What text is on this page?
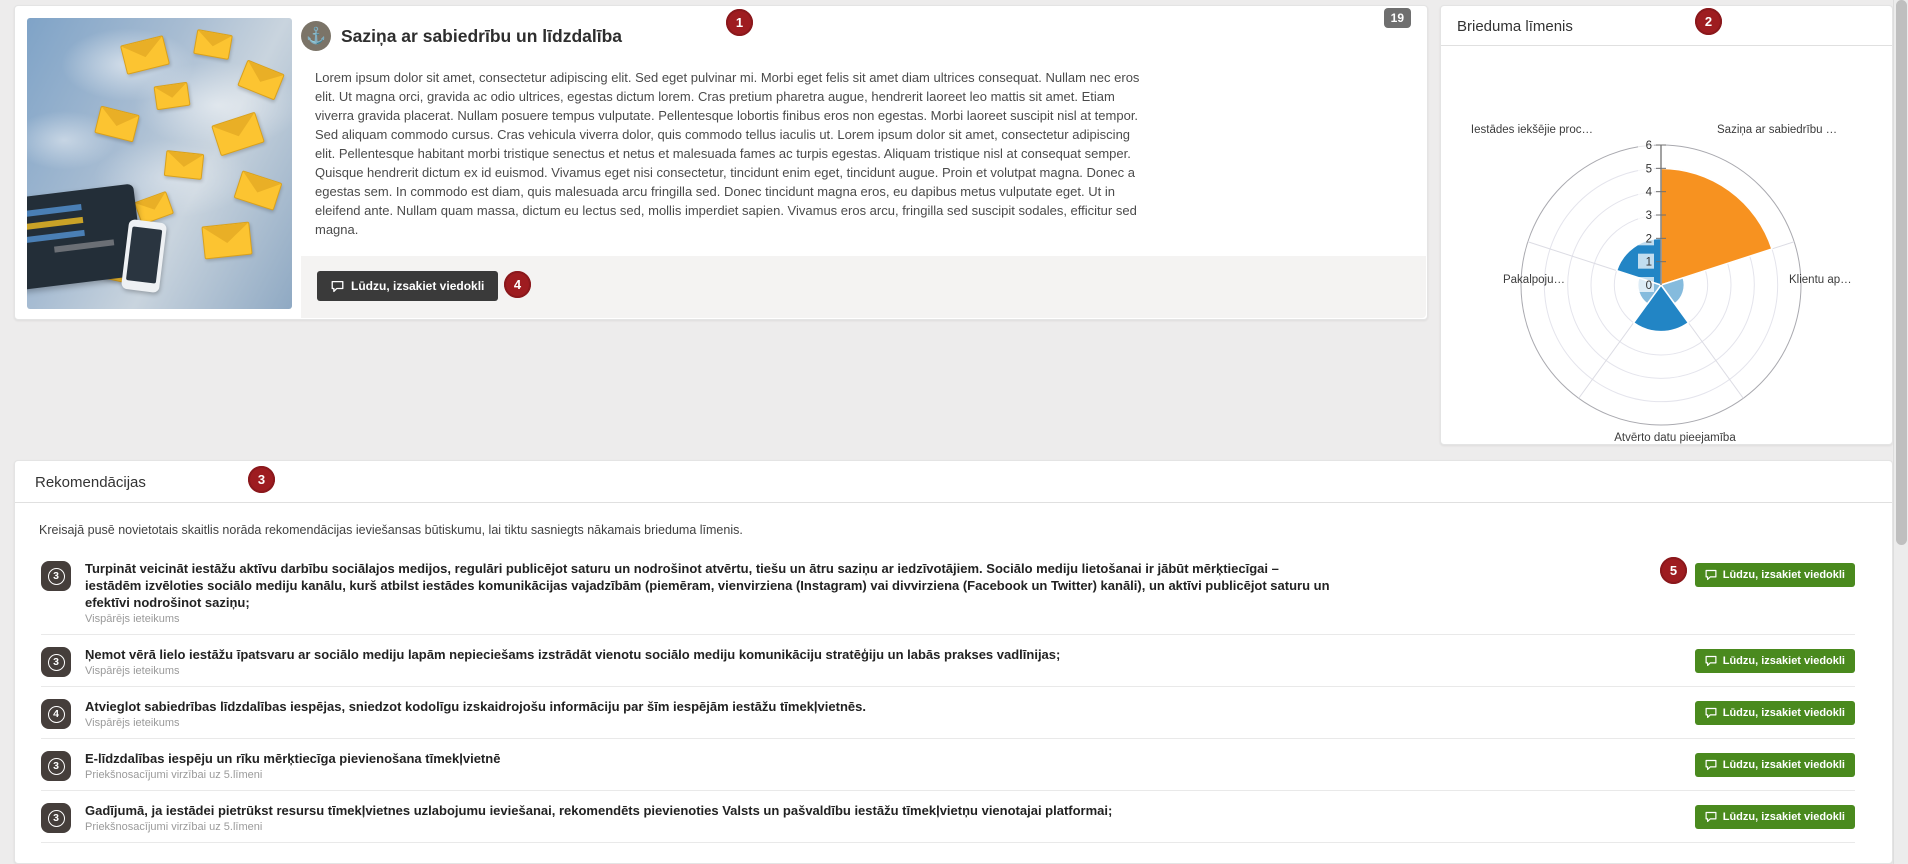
⚓ Saziņa ar sabiedrību un līdzdalība
19
1
Lorem ipsum dolor sit amet, consectetur adipiscing elit. Sed eget pulvinar mi. Morbi eget felis sit amet diam ultrices consequat. Nullam nec eros elit. Ut magna orci, gravida ac odio ultrices, egestas dictum lorem. Cras pretium pharetra augue, hendrerit laoreet leo mattis sit amet. Etiam viverra gravida placerat. Nullam posuere tempus vulputate. Pellentesque lobortis finibus eros non egestas. Morbi laoreet suscipit nisl at tempor. Sed aliquam commodo cursus. Cras vehicula viverra dolor, quis commodo tellus iaculis ut. Lorem ipsum dolor sit amet, consectetur adipiscing elit. Pellentesque habitant morbi tristique senectus et netus et malesuada fames ac turpis egestas. Aliquam tristique nisl at consequat semper. Quisque hendrerit dictum ex id euismod. Vivamus eget nisi consectetur, tincidunt enim eget, tincidunt augue. Proin et volutpat magna. Donec a egestas sem. In commodo est diam, quis malesuada arcu fringilla sed. Donec tincidunt magna eros, eu dapibus metus vulputate eget. Ut in eleifend ante. Nullam quam massa, dictum eu lectus sed, mollis imperdiet sapien. Vivamus eros arcu, fringilla sed suscipit sodales, efficitur sed magna.
Lūdzu, izsakiet viedokli	4
Brieduma līmenis	2
0
1
2
3
4
5
6
Saziņa ar sabiedrību …
Klientu ap…
Atvērto datu pieejamība
Pakalpoju…
Iestādes iekšējie proc…
Rekomendācijas	3
Kreisajā pusē novietotais skaitlis norāda rekomendācijas ieviešansas būtiskumu, lai tiktu sasniegts nākamais brieduma līmenis.
3	Turpināt veicināt iestāžu aktīvu darbību sociālajos medijos, regulāri publicējot saturu un nodrošinot atvērtu, tiešu un ātru saziņu ar iedzīvotājiem. Sociālo mediju lietošanai ir jābūt mērķtiecīgai – iestādēm izvēloties sociālo mediju kanālu, kurš atbilst iestādes komunikācijas vajadzībām (piemēram, vienvirziena (Instagram) vai divvirziena (Facebook un Twitter) kanāli), un aktīvi publicējot saturu un efektīvi nodrošinot saziņu;
Vispārējs ieteikums
5	Lūdzu, izsakiet viedokli
3	Ņemot vērā lielo iestāžu īpatsvaru ar sociālo mediju lapām nepieciešams izstrādāt vienotu sociālo mediju komunikāciju stratēģiju un labās prakses vadlīnijas;
Vispārējs ieteikums
Lūdzu, izsakiet viedokli
4	Atvieglot sabiedrības līdzdalības iespējas, sniedzot kodolīgu izskaidrojošu informāciju par šīm iespējām iestāžu tīmekļvietnēs.
Vispārējs ieteikums
Lūdzu, izsakiet viedokli
3	E-līdzdalības iespēju un rīku mērķtiecīga pievienošana tīmekļvietnē
Priekšnosacījumi virzībai uz 5.līmeni
Lūdzu, izsakiet viedokli
3	Gadījumā, ja iestādei pietrūkst resursu tīmekļvietnes uzlabojumu ieviešanai, rekomendēts pievienoties Valsts un pašvaldību iestāžu tīmekļvietņu vienotajai platformai;
Priekšnosacījumi virzībai uz 5.līmeni
Lūdzu, izsakiet viedokli
